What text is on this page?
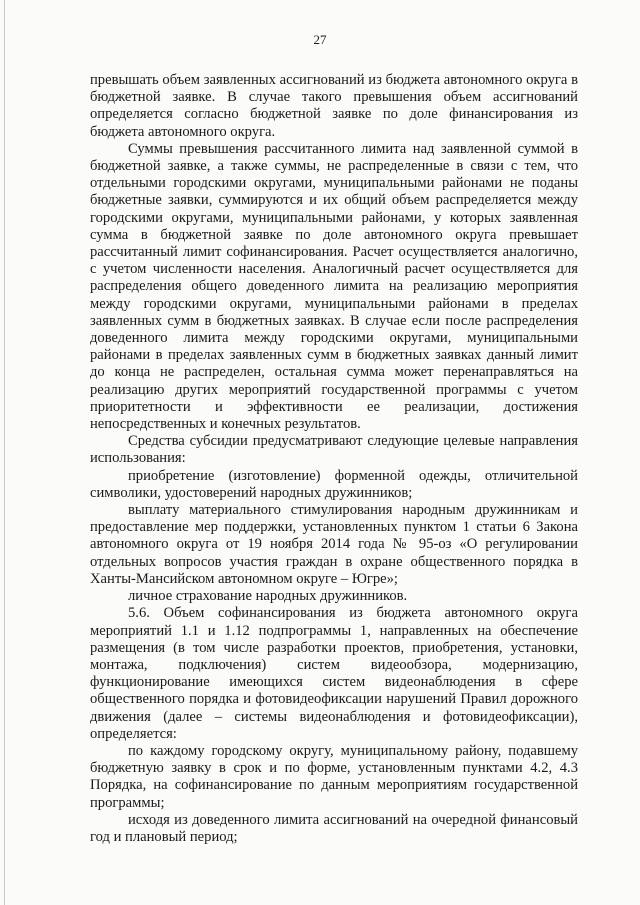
27

превышать объем заявленных ассигнований из бюджета автономного округа в бюджетной заявке. В случае такого превышения объем ассигнований определяется согласно бюджетной заявке по доле финансирования из бюджета автономного округа.

Суммы превышения рассчитанного лимита над заявленной суммой в бюджетной заявке, а также суммы, не распределенные в связи с тем, что отдельными городскими округами, муниципальными районами не поданы бюджетные заявки, суммируются и их общий объем распределяется между городскими округами, муниципальными районами, у которых заявленная сумма в бюджетной заявке по доле автономного округа превышает рассчитанный лимит софинансирования. Расчет осуществляется аналогично, с учетом численности населения. Аналогичный расчет осуществляется для распределения общего доведенного лимита на реализацию мероприятия между городскими округами, муниципальными районами в пределах заявленных сумм в бюджетных заявках. В случае если после распределения доведенного лимита между городскими округами, муниципальными районами в пределах заявленных сумм в бюджетных заявках данный лимит до конца не распределен, остальная сумма может перенаправляться на реализацию других мероприятий государственной программы с учетом приоритетности и эффективности ее реализации, достижения непосредственных и конечных результатов.

Средства субсидии предусматривают следующие целевые направления использования:

приобретение (изготовление) форменной одежды, отличительной символики, удостоверений народных дружинников;

выплату материального стимулирования народным дружинникам и предоставление мер поддержки, установленных пунктом 1 статьи 6 Закона автономного округа от 19 ноября 2014 года № 95-оз «О регулировании отдельных вопросов участия граждан в охране общественного порядка в Ханты-Мансийском автономном округе – Югре»;

личное страхование народных дружинников.

5.6. Объем софинансирования из бюджета автономного округа мероприятий 1.1 и 1.12 подпрограммы 1, направленных на обеспечение размещения (в том числе разработки проектов, приобретения, установки, монтажа, подключения) систем видеообзора, модернизацию, функционирование имеющихся систем видеонаблюдения в сфере общественного порядка и фотовидеофиксации нарушений Правил дорожного движения (далее – системы видеонаблюдения и фотовидеофиксации), определяется:

по каждому городскому округу, муниципальному району, подавшему бюджетную заявку в срок и по форме, установленным пунктами 4.2, 4.3 Порядка, на софинансирование по данным мероприятиям государственной программы;

исходя из доведенного лимита ассигнований на очередной финансовый год и плановый период;
